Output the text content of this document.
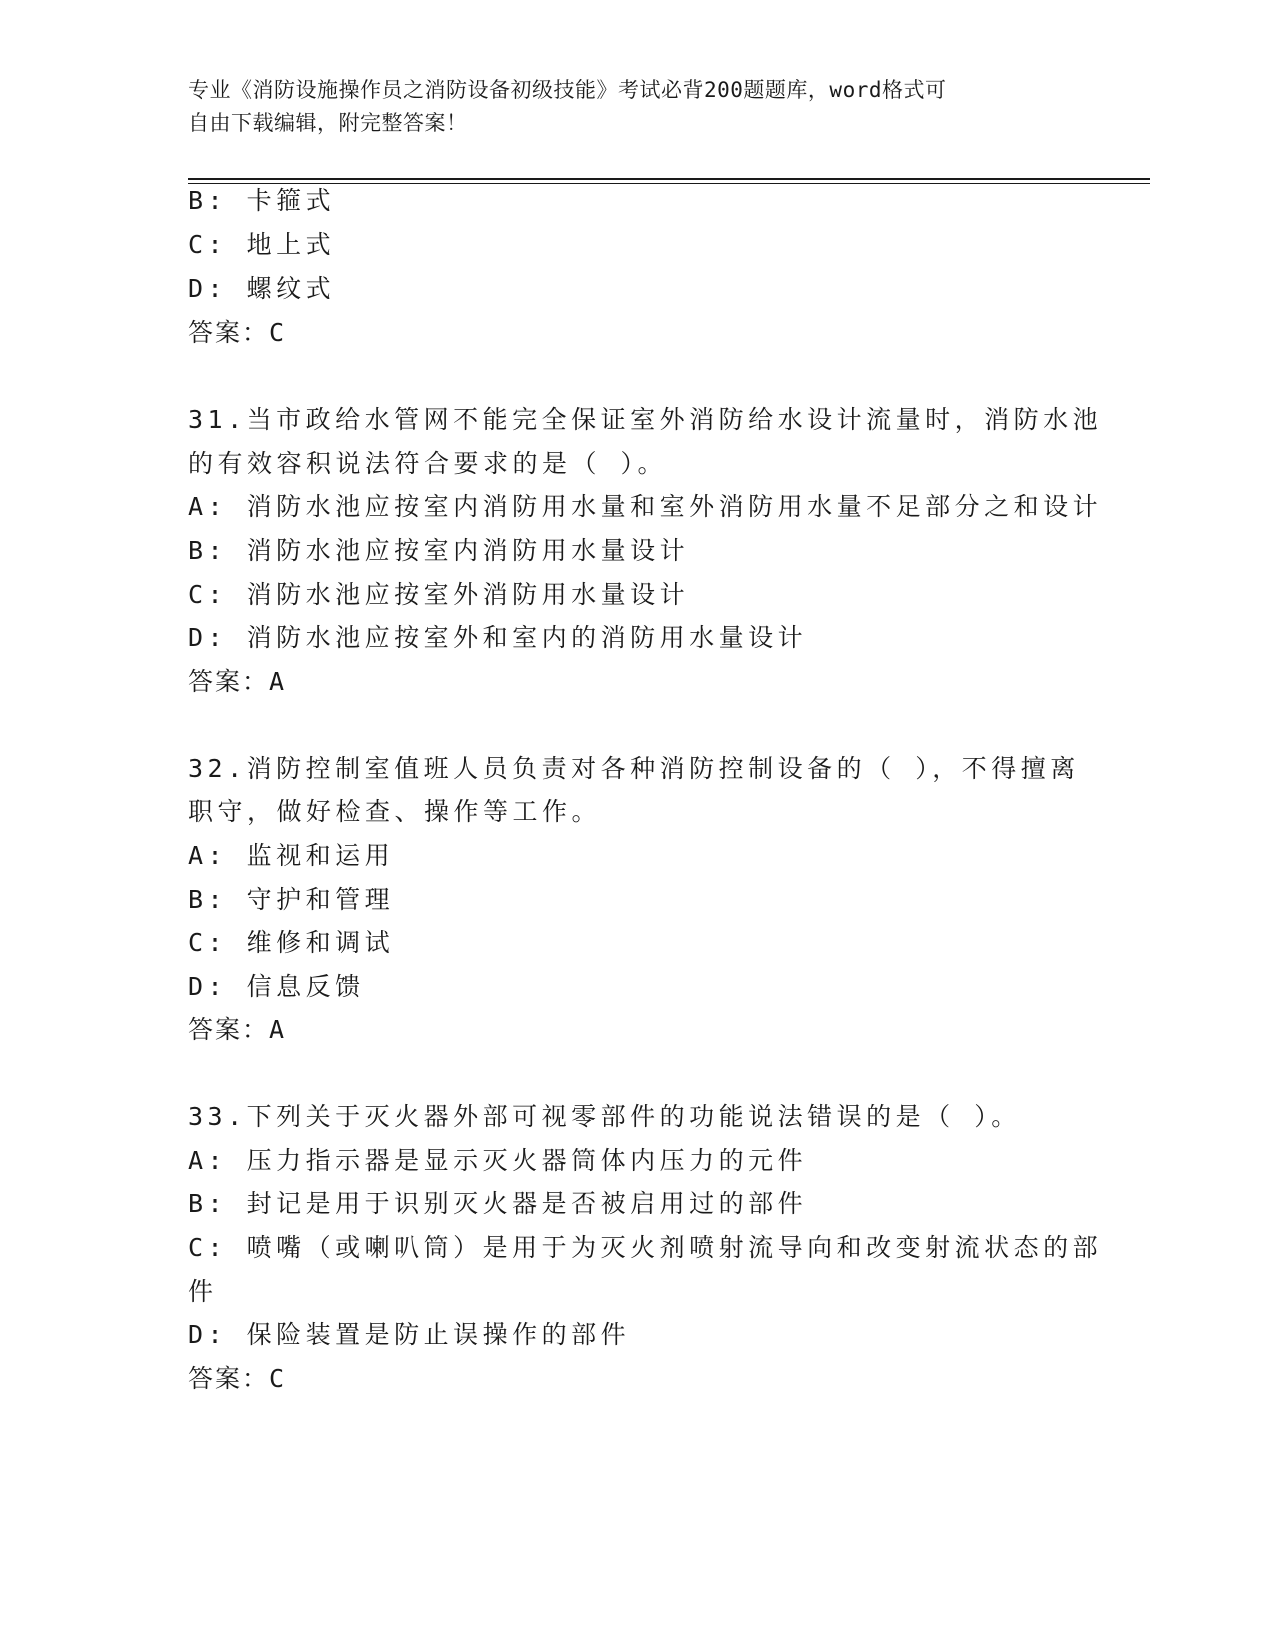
专业《消防设施操作员之消防设备初级技能》考试必背200题题库，word格式可
自由下载编辑，附完整答案！
B: 卡箍式
C: 地上式
D: 螺纹式
答案：C
31.当市政给水管网不能完全保证室外消防给水设计流量时，消防水池
的有效容积说法符合要求的是（ ）。
A: 消防水池应按室内消防用水量和室外消防用水量不足部分之和设计
B: 消防水池应按室内消防用水量设计
C: 消防水池应按室外消防用水量设计
D: 消防水池应按室外和室内的消防用水量设计
答案：A
32.消防控制室值班人员负责对各种消防控制设备的（ ），不得擅离
职守，做好检查、操作等工作。
A: 监视和运用
B: 守护和管理
C: 维修和调试
D: 信息反馈
答案：A
33.下列关于灭火器外部可视零部件的功能说法错误的是（ ）。
A: 压力指示器是显示灭火器筒体内压力的元件
B: 封记是用于识别灭火器是否被启用过的部件
C: 喷嘴（或喇叭筒）是用于为灭火剂喷射流导向和改变射流状态的部
件
D: 保险装置是防止误操作的部件
答案：C
